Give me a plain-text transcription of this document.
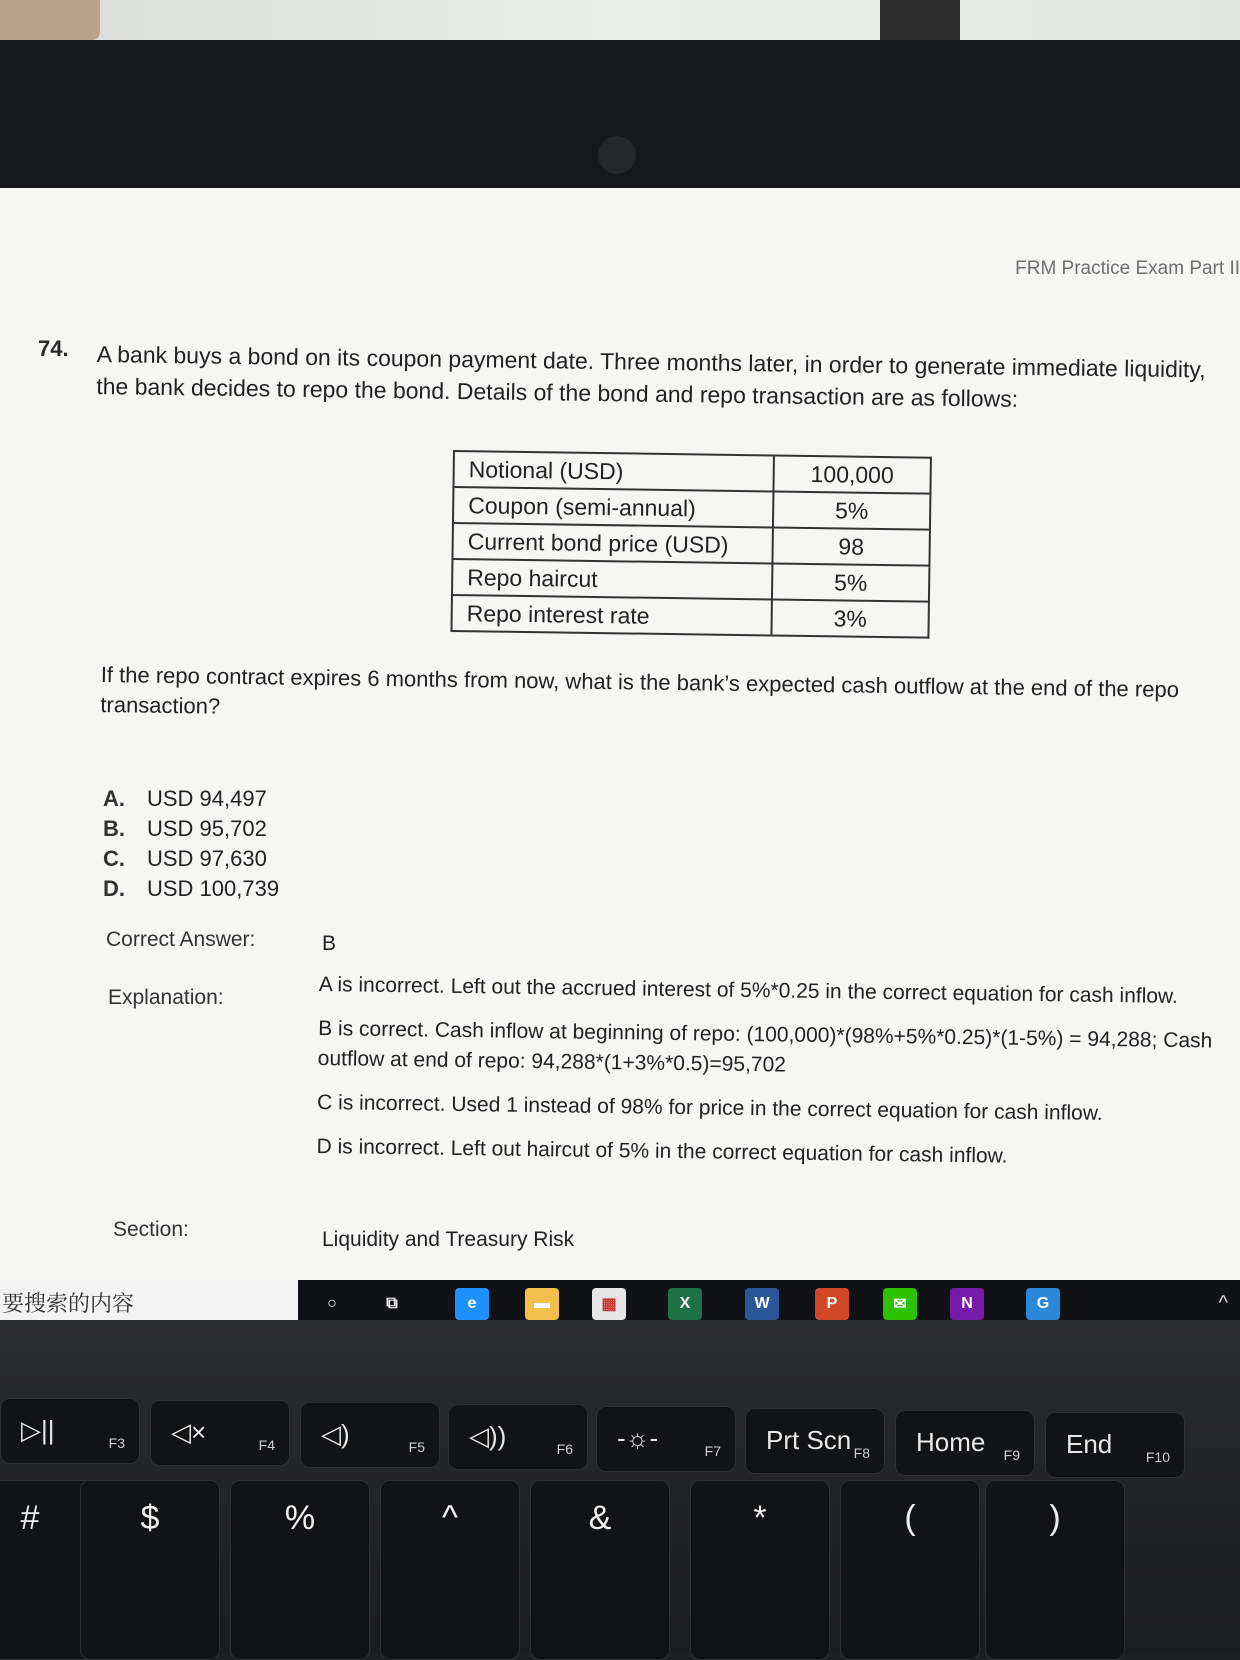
FRM Practice Exam Part II
74. A bank buys a bond on its coupon payment date. Three months later, in order to generate immediate liquidity, the bank decides to repo the bond. Details of the bond and repo transaction are as follows:
Notional (USD)	100,000
Coupon (semi-annual)	5%
Current bond price (USD)	98
Repo haircut	5%
Repo interest rate	3%
If the repo contract expires 6 months from now, what is the bank’s expected cash outflow at the end of the repo transaction?
A.	USD 94,497
B.	USD 95,702
C.	USD 97,630
D.	USD 100,739
Correct Answer:	B
Explanation:	A is incorrect. Left out the accrued interest of 5%*0.25 in the correct equation for cash inflow.

B is correct. Cash inflow at beginning of repo: (100,000)*(98%+5%*0.25)*(1-5%) = 94,288; Cash outflow at end of repo: 94,288*(1+3%*0.5)=95,702

C is incorrect. Used 1 instead of 98% for price in the correct equation for cash inflow.

D is incorrect. Left out haircut of 5% in the correct equation for cash inflow.

Section:	Liquidity and Treasury Risk
要搜索的内容	○	⧉	e	▬	▦	X	W	P	✉	N	G	^
▷||	F3 ◁×	F4 ◁)	F5 ◁))	F6 -☼-	F7 Prt Scn F8 Home F9 End F10
#	$	%	^	&	*	(	)
